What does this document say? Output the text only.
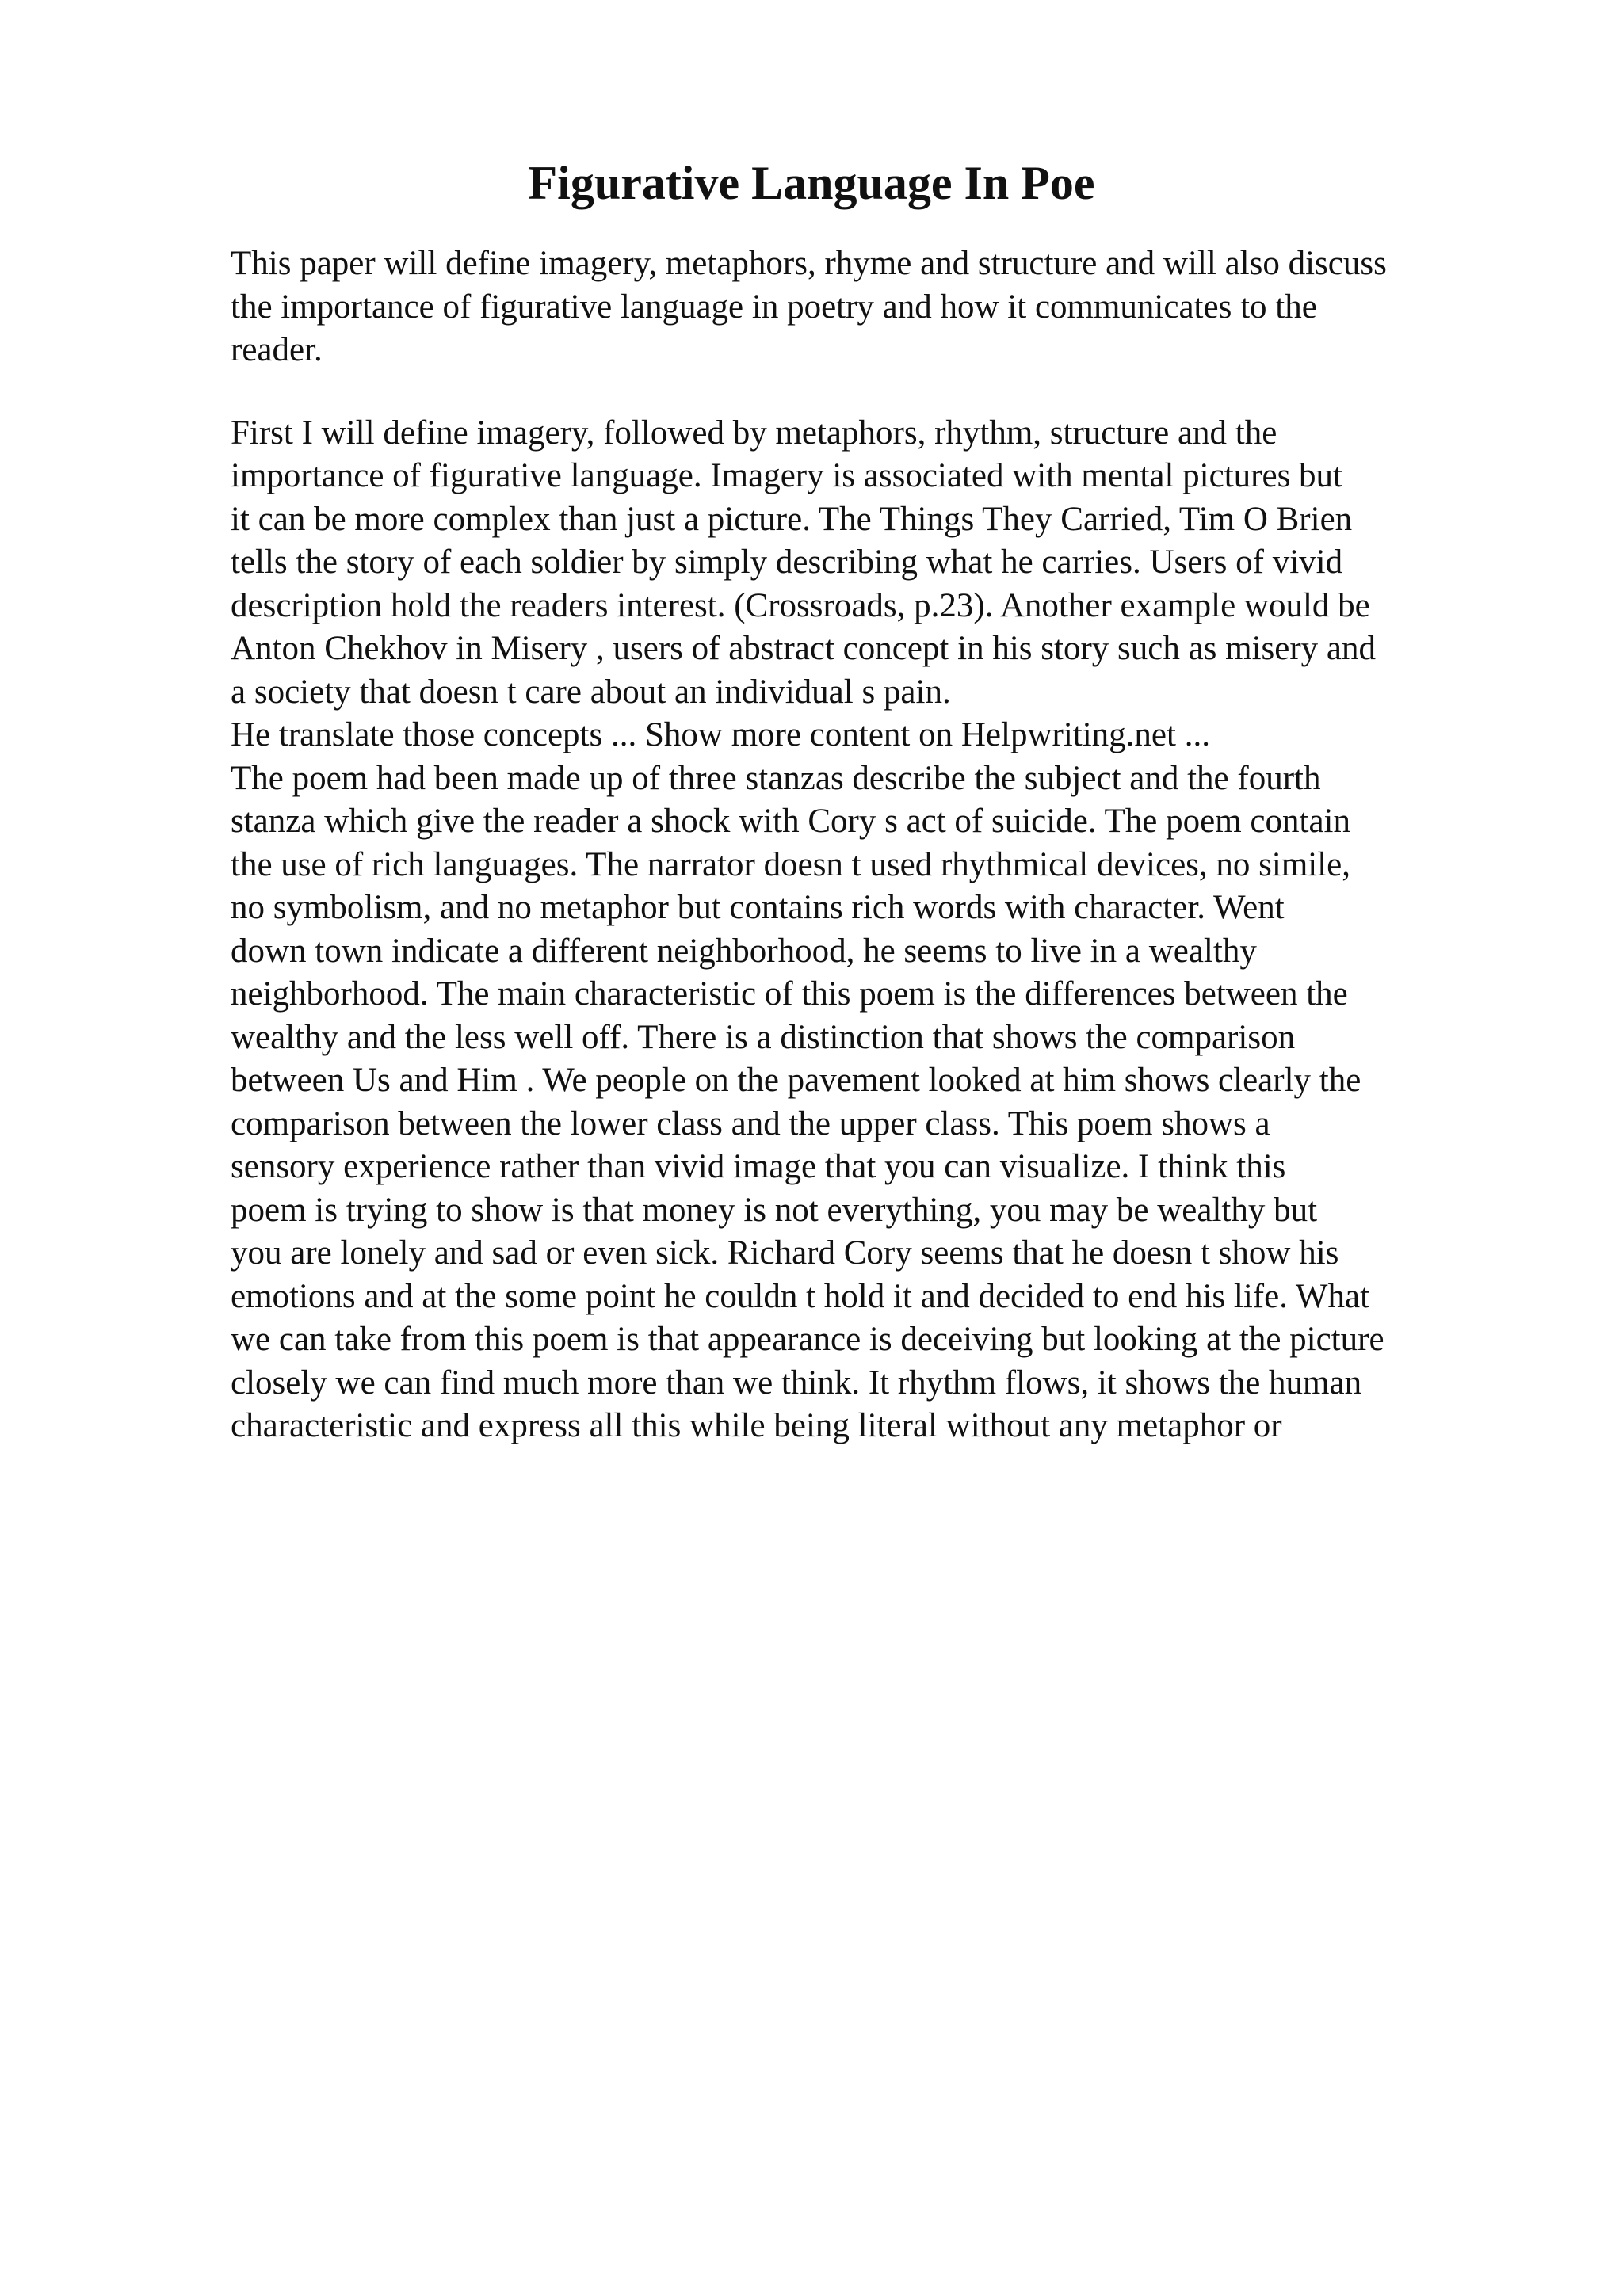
Figurative Language In Poe
This paper will define imagery, metaphors, rhyme and structure and will also discuss
the importance of figurative language in poetry and how it communicates to the
reader.
First I will define imagery, followed by metaphors, rhythm, structure and the
importance of figurative language. Imagery is associated with mental pictures but
it can be more complex than just a picture. The Things They Carried, Tim O Brien
tells the story of each soldier by simply describing what he carries. Users of vivid
description hold the readers interest. (Crossroads, p.23). Another example would be
Anton Chekhov in Misery , users of abstract concept in his story such as misery and
a society that doesn t care about an individual s pain.
He translate those concepts ... Show more content on Helpwriting.net ...
The poem had been made up of three stanzas describe the subject and the fourth
stanza which give the reader a shock with Cory s act of suicide. The poem contain
the use of rich languages. The narrator doesn t used rhythmical devices, no simile,
no symbolism, and no metaphor but contains rich words with character. Went
down town indicate a different neighborhood, he seems to live in a wealthy
neighborhood. The main characteristic of this poem is the differences between the
wealthy and the less well off. There is a distinction that shows the comparison
between Us and Him . We people on the pavement looked at him shows clearly the
comparison between the lower class and the upper class. This poem shows a
sensory experience rather than vivid image that you can visualize. I think this
poem is trying to show is that money is not everything, you may be wealthy but
you are lonely and sad or even sick. Richard Cory seems that he doesn t show his
emotions and at the some point he couldn t hold it and decided to end his life. What
we can take from this poem is that appearance is deceiving but looking at the picture
closely we can find much more than we think. It rhythm flows, it shows the human
characteristic and express all this while being literal without any metaphor or
